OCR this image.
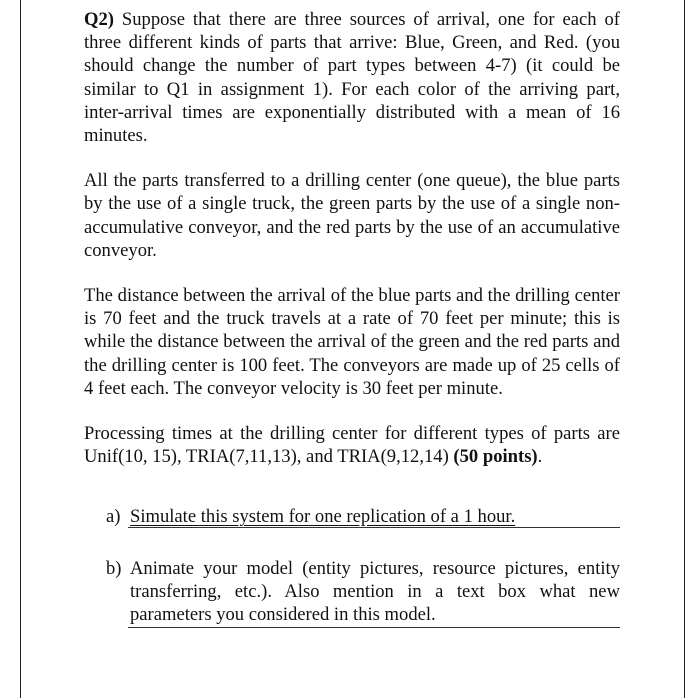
Q2) Suppose that there are three sources of arrival, one for each of three different kinds of parts that arrive: Blue, Green, and Red. (you should change the number of part types between 4-7) (it could be similar to Q1 in assignment 1). For each color of the arriving part, inter-arrival times are exponentially distributed with a mean of 16 minutes.

All the parts transferred to a drilling center (one queue), the blue parts by the use of a single truck, the green parts by the use of a single non-accumulative conveyor, and the red parts by the use of an accumulative conveyor.

The distance between the arrival of the blue parts and the drilling center is 70 feet and the truck travels at a rate of 70 feet per minute; this is while the distance between the arrival of the green and the red parts and the drilling center is 100 feet. The conveyors are made up of 25 cells of 4 feet each. The conveyor velocity is 30 feet per minute.

Processing times at the drilling center for different types of parts are Unif(10, 15), TRIA(7,11,13), and TRIA(9,12,14) (50 points).

a) Simulate this system for one replication of a 1 hour.
b) Animate your model (entity pictures, resource pictures, entity transferring, etc.). Also mention in a text box what new parameters you considered in this model.
